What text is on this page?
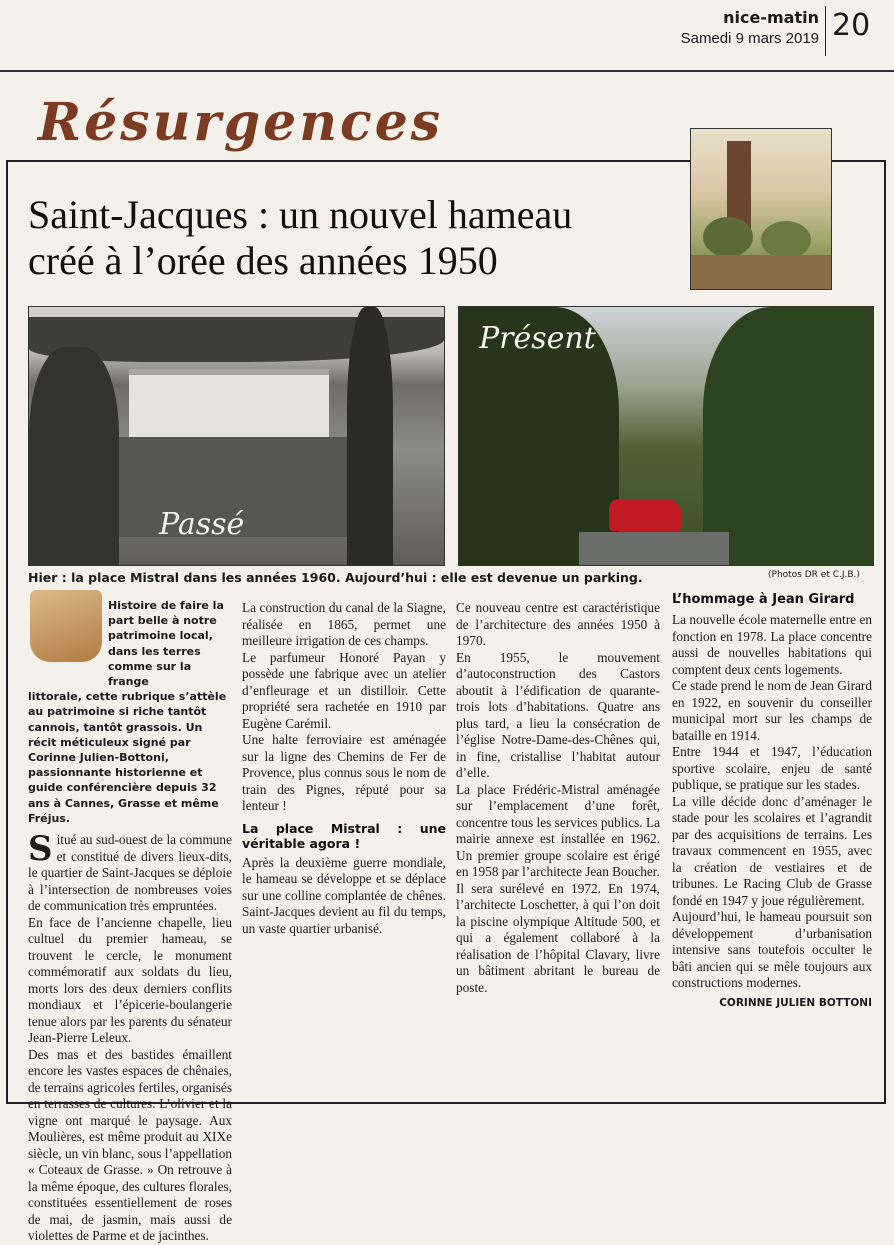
nice-matin
Samedi 9 mars 2019 20
Résurgences
Saint-Jacques : un nouvel hameau
créé à l’orée des années 1950
Passé
Présent
Hier : la place Mistral dans les années 1960. Aujourd’hui : elle est devenue un parking.	(Photos DR et C.J.B.)

Histoire de faire la part belle à notre patrimoine local, dans les terres comme sur la frange

littorale, cette rubrique s’attèle au patrimoine si riche tantôt cannois, tantôt grassois. Un récit méticuleux signé par Corinne Julien-Bottoni, passionnante historienne et guide conférencière depuis 32 ans à Cannes, Grasse et même Fréjus.

Situé au sud-ouest de la commune et constitué de divers lieux-dits, le quartier de Saint-Jacques se déploie à l’intersection de nombreuses voies de communication très empruntées.

En face de l’ancienne chapelle, lieu cultuel du premier hameau, se trouvent le cercle, le monument commémoratif aux soldats du lieu, morts lors des deux derniers conflits mondiaux et l’épicerie-boulangerie tenue alors par les parents du sénateur Jean-Pierre Leleux.

Des mas et des bastides émaillent encore les vastes espaces de chênaies, de terrains agricoles fertiles, organisés en terrasses de cultures. L’olivier et la vigne ont marqué le paysage. Aux Moulières, est même produit au XIXe siècle, un vin blanc, sous l’appellation « Coteaux de Grasse. » On retrouve à la même époque, des cultures florales, constituées essentiellement de roses de mai, de jasmin, mais aussi de violettes de Parme et de jacinthes.

La construction du canal de la Siagne, réalisée en 1865, permet une meilleure irrigation de ces champs.

Le parfumeur Honoré Payan y possède une fabrique avec un atelier d’enfleurage et un distilloir. Cette propriété sera rachetée en 1910 par Eugène Carémil.

Une halte ferroviaire est aménagée sur la ligne des Chemins de Fer de Provence, plus connus sous le nom de train des Pignes, réputé pour sa lenteur !

La place Mistral : une véritable agora !

Après la deuxième guerre mondiale, le hameau se développe et se déplace sur une colline complantée de chênes. Saint-Jacques devient au fil du temps, un vaste quartier urbanisé.

Ce nouveau centre est caractéristique de l’architecture des années 1950 à 1970.

En 1955, le mouvement d’autoconstruction des Castors aboutit à l’édification de quarante-trois lots d’habitations. Quatre ans plus tard, a lieu la consécration de l’église Notre-Dame-des-Chênes qui, in fine, cristallise l’habitat autour d’elle.

La place Frédéric-Mistral aménagée sur l’emplacement d’une forêt, concentre tous les services publics. La mairie annexe est installée en 1962. Un premier groupe scolaire est érigé en 1958 par l’architecte Jean Boucher.

Il sera surélevé en 1972. En 1974, l’architecte Loschetter, à qui l’on doit la piscine olympique Altitude 500, et qui a également collaboré à la réalisation de l’hôpital Clavary, livre un bâtiment abritant le bureau de poste.

L’hommage à Jean Girard

La nouvelle école maternelle entre en fonction en 1978. La place concentre aussi de nouvelles habitations qui comptent deux cents logements.

Ce stade prend le nom de Jean Girard en 1922, en souvenir du conseiller municipal mort sur les champs de bataille en 1914.

Entre 1944 et 1947, l’éducation sportive scolaire, enjeu de santé publique, se pratique sur les stades.

La ville décide donc d’aménager le stade pour les scolaires et l’agrandit par des acquisitions de terrains. Les travaux commencent en 1955, avec la création de vestiaires et de tribunes. Le Racing Club de Grasse fondé en 1947 y joue régulièrement.

Aujourd’hui, le hameau poursuit son développement d’urbanisation intensive sans toutefois occulter le bâti ancien qui se mêle toujours aux constructions modernes.

CORINNE JULIEN BOTTONI
